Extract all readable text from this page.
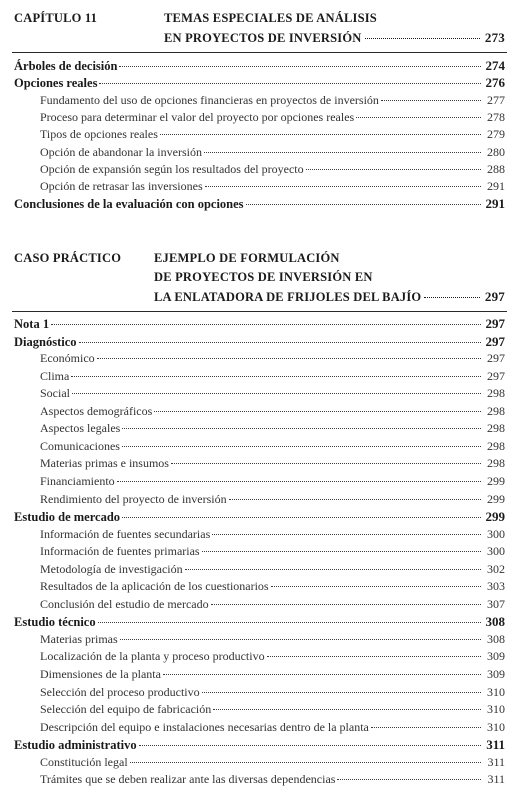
CAPÍTULO 11	TEMAS ESPECIALES DE ANÁLISIS
EN PROYECTOS DE INVERSIÓN	273
Árboles de decisión	274
Opciones reales	276
Fundamento del uso de opciones financieras en proyectos de inversión	277
Proceso para determinar el valor del proyecto por opciones reales	278
Tipos de opciones reales	279
Opción de abandonar la inversión	280
Opción de expansión según los resultados del proyecto	288
Opción de retrasar las inversiones	291
Conclusiones de la evaluación con opciones	291
CASO PRÁCTICO	EJEMPLO DE FORMULACIÓN
DE PROYECTOS DE INVERSIÓN EN
LA ENLATADORA DE FRIJOLES DEL BAJÍO	297
Nota 1	297
Diagnóstico	297
Económico	297
Clima	297
Social	298
Aspectos demográficos	298
Aspectos legales	298
Comunicaciones	298
Materias primas e insumos	298
Financiamiento	299
Rendimiento del proyecto de inversión	299
Estudio de mercado	299
Información de fuentes secundarias	300
Información de fuentes primarias	300
Metodología de investigación	302
Resultados de la aplicación de los cuestionarios	303
Conclusión del estudio de mercado	307
Estudio técnico	308
Materias primas	308
Localización de la planta y proceso productivo	309
Dimensiones de la planta	309
Selección del proceso productivo	310
Selección del equipo de fabricación	310
Descripción del equipo e instalaciones necesarias dentro de la planta	310
Estudio administrativo	311
Constitución legal	311
Trámites que se deben realizar ante las diversas dependencias	311
